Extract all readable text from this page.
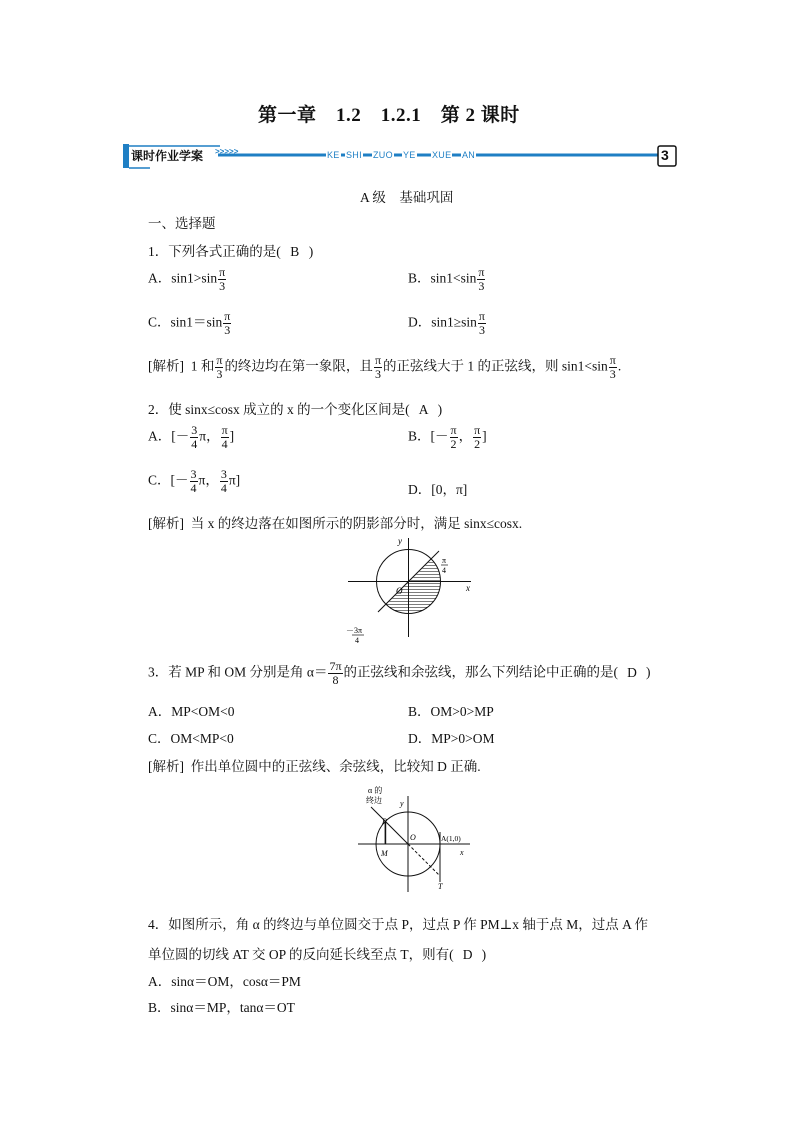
第一章　1.2　1.2.1　第 2 课时
课时作业学案 >>>>>	KE SHI ZUO YE XUE AN	3
A 级　基础巩固
一、选择题
1．下列各式正确的是( B )
A．$\sin 1>\sin \frac{\pi}{3}$	B．$\sin 1<\sin \frac{\pi}{3}$
C．$\sin 1=\sin \frac{\pi}{3}$	D．$\sin 1\ge\sin \frac{\pi}{3}$
[解析] 1 和 $\frac{\pi}{3}$ 的终边均在第一象限，且 $\frac{\pi}{3}$ 的正弦线大于 1 的正弦线，则 $\sin 1<\sin \frac{\pi}{3}$ .
2．使 sinx≤cosx 成立的 x 的一个变化区间是( A )
A．[－ $\frac{3}{4}$ π， $\frac{\pi}{4}$ ]	B．[－ $\frac{\pi}{2}$ ， $\frac{\pi}{2}$ ]
C．[－ $\frac{3}{4}$ π， $\frac{3}{4} \pi$]
D．[0，π]
[解析] 当 x 的终边落在如图所示的阴影部分时，满足 sinx≤cosx.
y
x
O
π
4
－3π
4
3．若 MP 和 OM 分别是角 $\alpha= \frac{7\pi}{8}$ 的正弦线和余弦线，那么下列结论中正确的是( D )
A．MP<OM<0	B．OM>0>MP
C．OM<MP<0	D．MP>0>OM
[解析] 作出单位圆中的正弦线、余弦线，比较知 D 正确.
α 的
终边 y
P
M
O	A(1,0)
x
T
4．如图所示，角 α 的终边与单位圆交于点 P，过点 P 作 PM⊥x 轴于点 M，过点 A 作
单位圆的切线 AT 交 OP 的反向延长线至点 T，则有( D )
A．sinα＝OM，cosα＝PM
B．sinα＝MP，tanα＝OT
